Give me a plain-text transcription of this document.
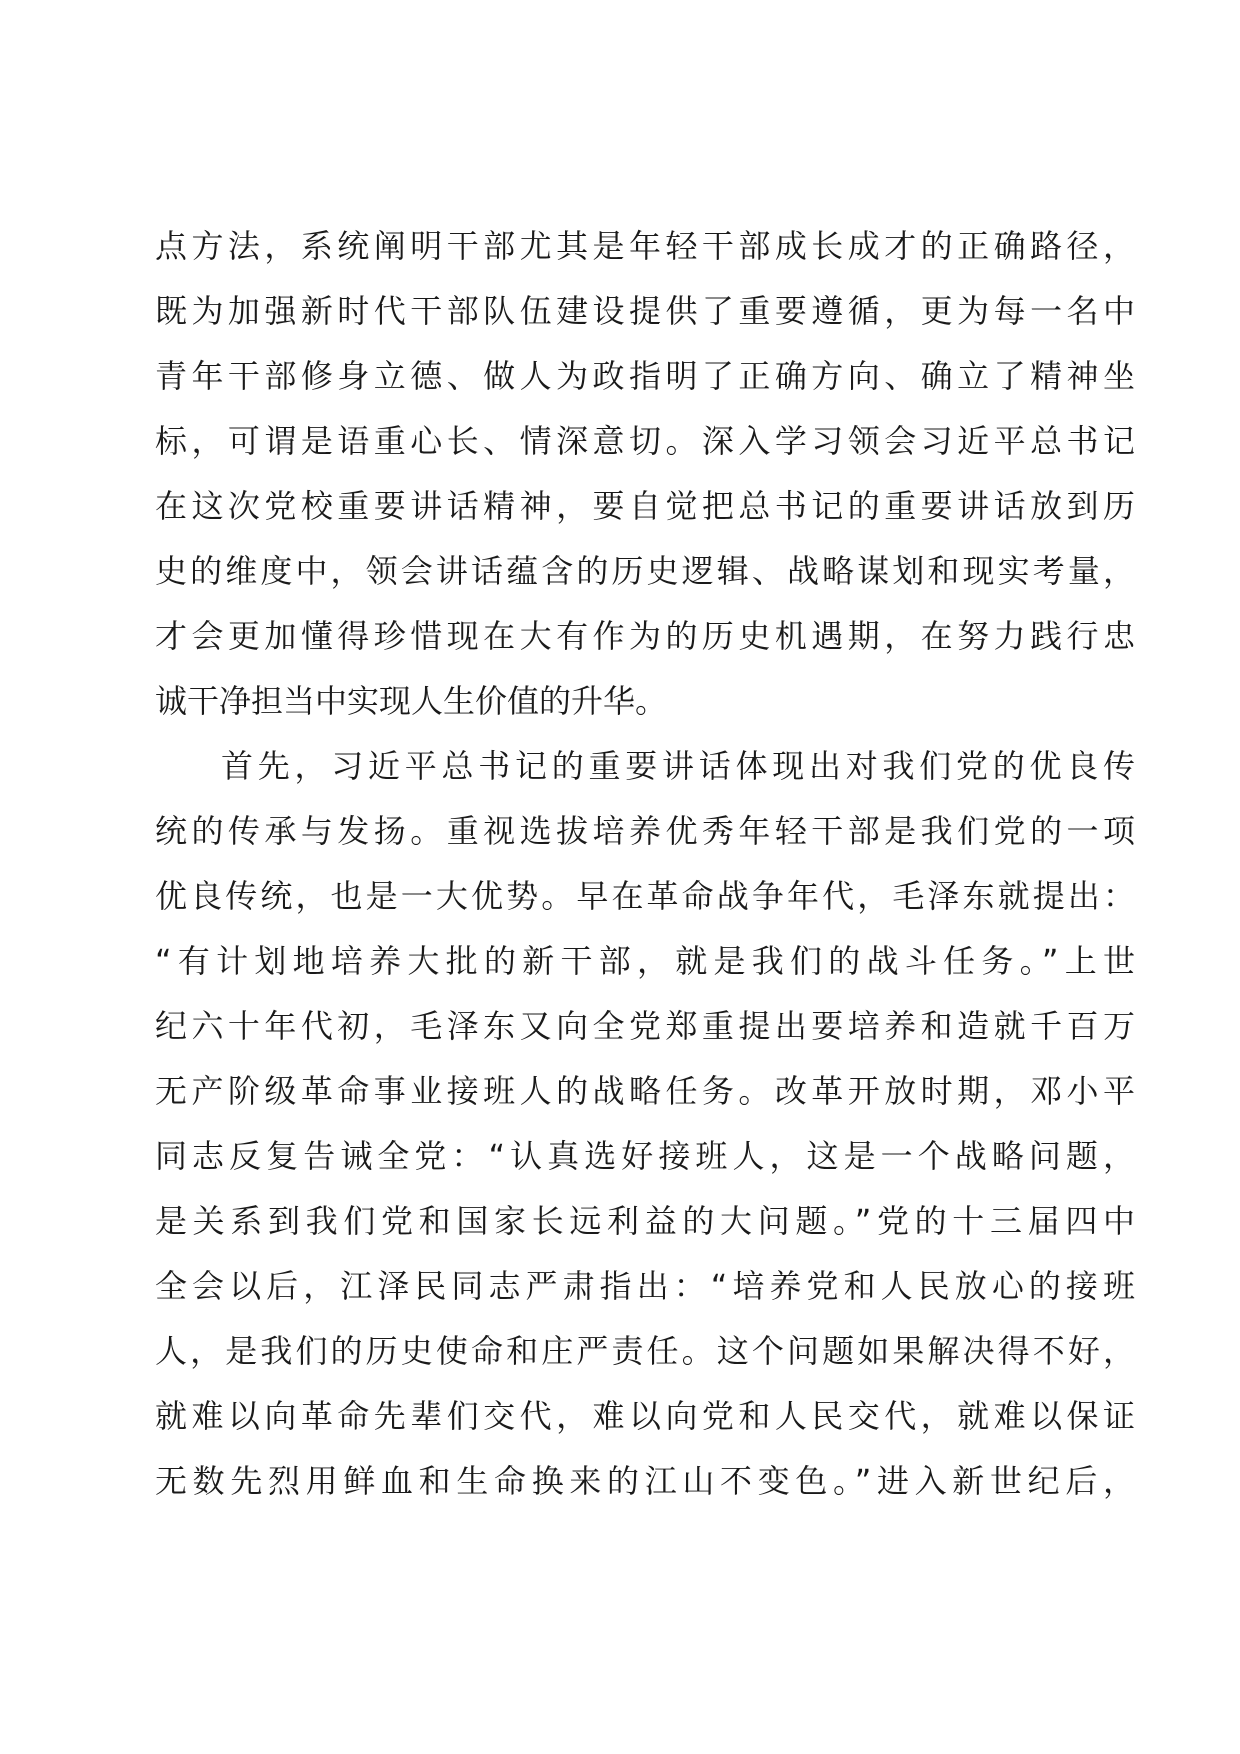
点方法，系统阐明干部尤其是年轻干部成长成才的正确路径，
既为加强新时代干部队伍建设提供了重要遵循，更为每一名中
青年干部修身立德、做人为政指明了正确方向、确立了精神坐
标，可谓是语重心长、情深意切。深入学习领会习近平总书记
在这次党校重要讲话精神，要自觉把总书记的重要讲话放到历
史的维度中，领会讲话蕴含的历史逻辑、战略谋划和现实考量，
才会更加懂得珍惜现在大有作为的历史机遇期，在努力践行忠
诚干净担当中实现人生价值的升华。
首先，习近平总书记的重要讲话体现出对我们党的优良传
统的传承与发扬。重视选拔培养优秀年轻干部是我们党的一项
优良传统，也是一大优势。早在革命战争年代，毛泽东就提出：
“有计划地培养大批的新干部，就是我们的战斗任务。”上世
纪六十年代初，毛泽东又向全党郑重提出要培养和造就千百万
无产阶级革命事业接班人的战略任务。改革开放时期，邓小平
同志反复告诫全党：“认真选好接班人，这是一个战略问题，
是关系到我们党和国家长远利益的大问题。”党的十三届四中
全会以后，江泽民同志严肃指出：“培养党和人民放心的接班
人，是我们的历史使命和庄严责任。这个问题如果解决得不好，
就难以向革命先辈们交代，难以向党和人民交代，就难以保证
无数先烈用鲜血和生命换来的江山不变色。”进入新世纪后，
